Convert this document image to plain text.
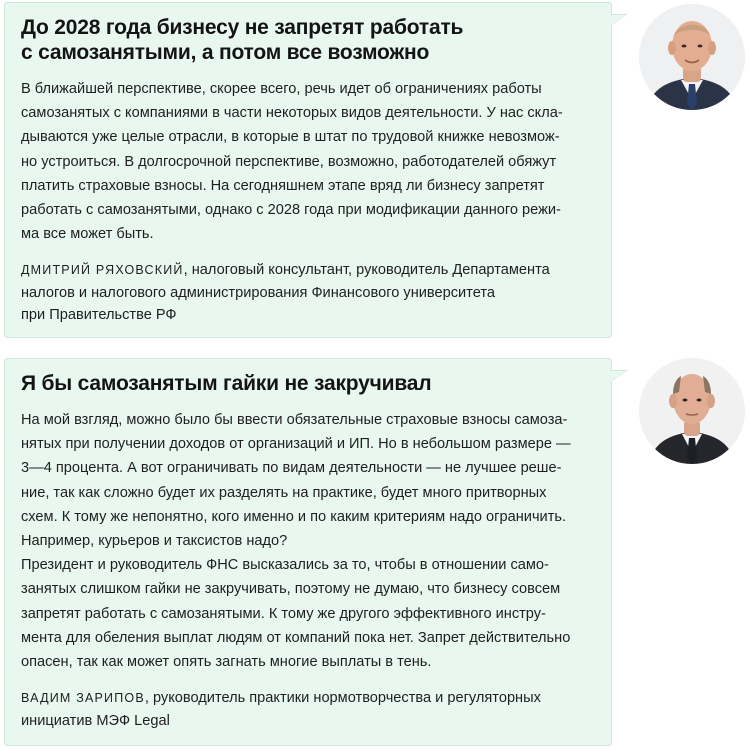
До 2028 года бизнесу не запретят работать
с самозанятыми, а потом все возможно

В ближайшей перспективе, скорее всего, речь идет об ограничениях работы
самозанятых с компаниями в части некоторых видов деятельности. У нас скла-
дываются уже целые отрасли, в которые в штат по трудовой книжке невозмож-
но устроиться. В долгосрочной перспективе, возможно, работодателей обяжут
платить страховые взносы. На сегодняшнем этапе вряд ли бизнесу запретят
работать с самозанятыми, однако с 2028 года при модификации данного режи-
ма все может быть.

ДМИТРИЙ РЯХОВСКИЙ, налоговый консультант, руководитель Департамента
налогов и налогового администрирования Финансового университета
при Правительстве РФ
Я бы самозанятым гайки не закручивал

На мой взгляд, можно было бы ввести обязательные страховые взносы самоза-
нятых при получении доходов от организаций и ИП. Но в небольшом размере —
3—4 процента. А вот ограничивать по видам деятельности — не лучшее реше-
ние, так как сложно будет их разделять на практике, будет много притворных
схем. К тому же непонятно, кого именно и по каким критериям надо ограничить.
Например, курьеров и таксистов надо?
Президент и руководитель ФНС высказались за то, чтобы в отношении само-
занятых слишком гайки не закручивать, поэтому не думаю, что бизнесу совсем
запретят работать с самозанятыми. К тому же другого эффективного инстру-
мента для обеления выплат людям от компаний пока нет. Запрет действительно
опасен, так как может опять загнать многие выплаты в тень.

ВАДИМ ЗАРИПОВ, руководитель практики нормотворчества и регуляторных
инициатив МЭФ Legal
